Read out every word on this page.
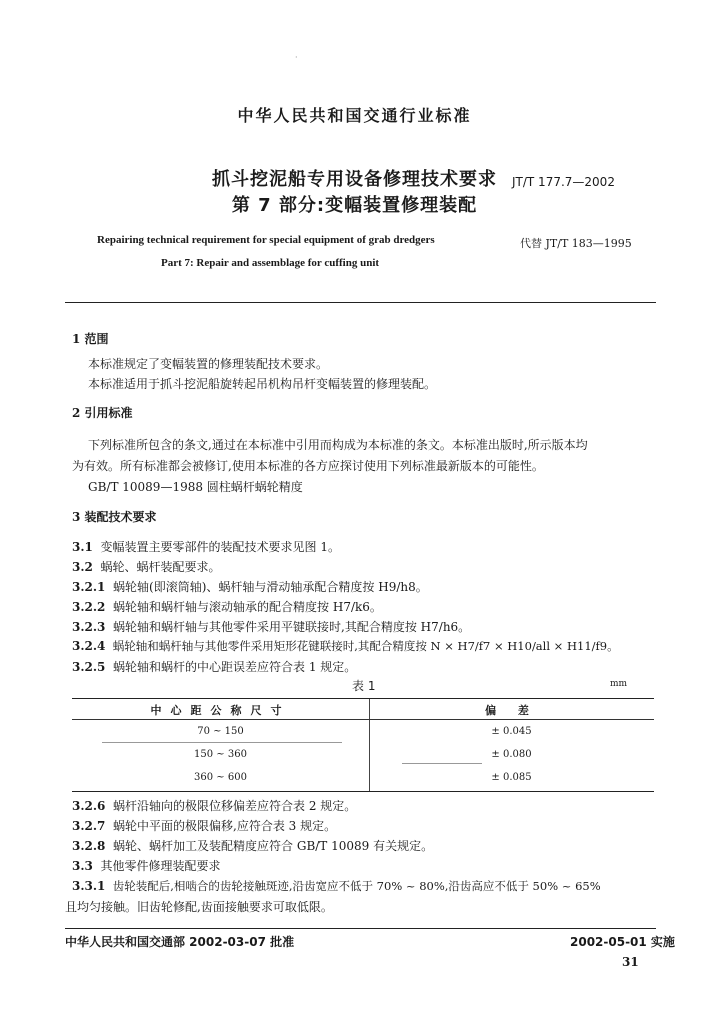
·
中华人民共和国交通行业标准
抓斗挖泥船专用设备修理技术要求
第 7 部分:变幅装置修理装配
JT/T 177.7—2002
Repairing technical requirement for special equipment of grab dredgers
Part 7: Repair and assemblage for cuffing unit
代替 JT/T 183—1995
1 范围
本标准规定了变幅装置的修理装配技术要求。
本标准适用于抓斗挖泥船旋转起吊机构吊杆变幅装置的修理装配。
2 引用标准
下列标准所包含的条文,通过在本标准中引用而构成为本标准的条文。本标准出版时,所示版本均
为有效。所有标准都会被修订,使用本标准的各方应探讨使用下列标准最新版本的可能性。
GB/T 10089—1988 圆柱蜗杆蜗轮精度
3 装配技术要求
3.1 变幅装置主要零部件的装配技术要求见图 1。
3.2 蜗轮、蜗杆装配要求。
3.2.1 蜗轮轴(即滚筒轴)、蜗杆轴与滑动轴承配合精度按 H9/h8。
3.2.2 蜗轮轴和蜗杆轴与滚动轴承的配合精度按 H7/k6。
3.2.3 蜗轮轴和蜗杆轴与其他零件采用平键联接时,其配合精度按 H7/h6。
3.2.4 蜗轮轴和蜗杆轴与其他零件采用矩形花键联接时,其配合精度按 N × H7/f7 × H10/all × H11/f9。
3.2.5 蜗轮轴和蜗杆的中心距误差应符合表 1 规定。
表 1	mm
中心距公称尺寸	偏 差
70 ~ 150	± 0.045
150 ~ 360	± 0.080
360 ~ 600	± 0.085
3.2.6 蜗杆沿轴向的极限位移偏差应符合表 2 规定。
3.2.7 蜗轮中平面的极限偏移,应符合表 3 规定。
3.2.8 蜗轮、蜗杆加工及装配精度应符合 GB/T 10089 有关规定。
3.3 其他零件修理装配要求
3.3.1 齿轮装配后,相啮合的齿轮接触斑迹,沿齿宽应不低于 70% ~ 80%,沿齿高应不低于 50% ~ 65%
且均匀接触。旧齿轮修配,齿面接触要求可取低限。
中华人民共和国交通部 2002-03-07 批准	2002-05-01 实施
31
